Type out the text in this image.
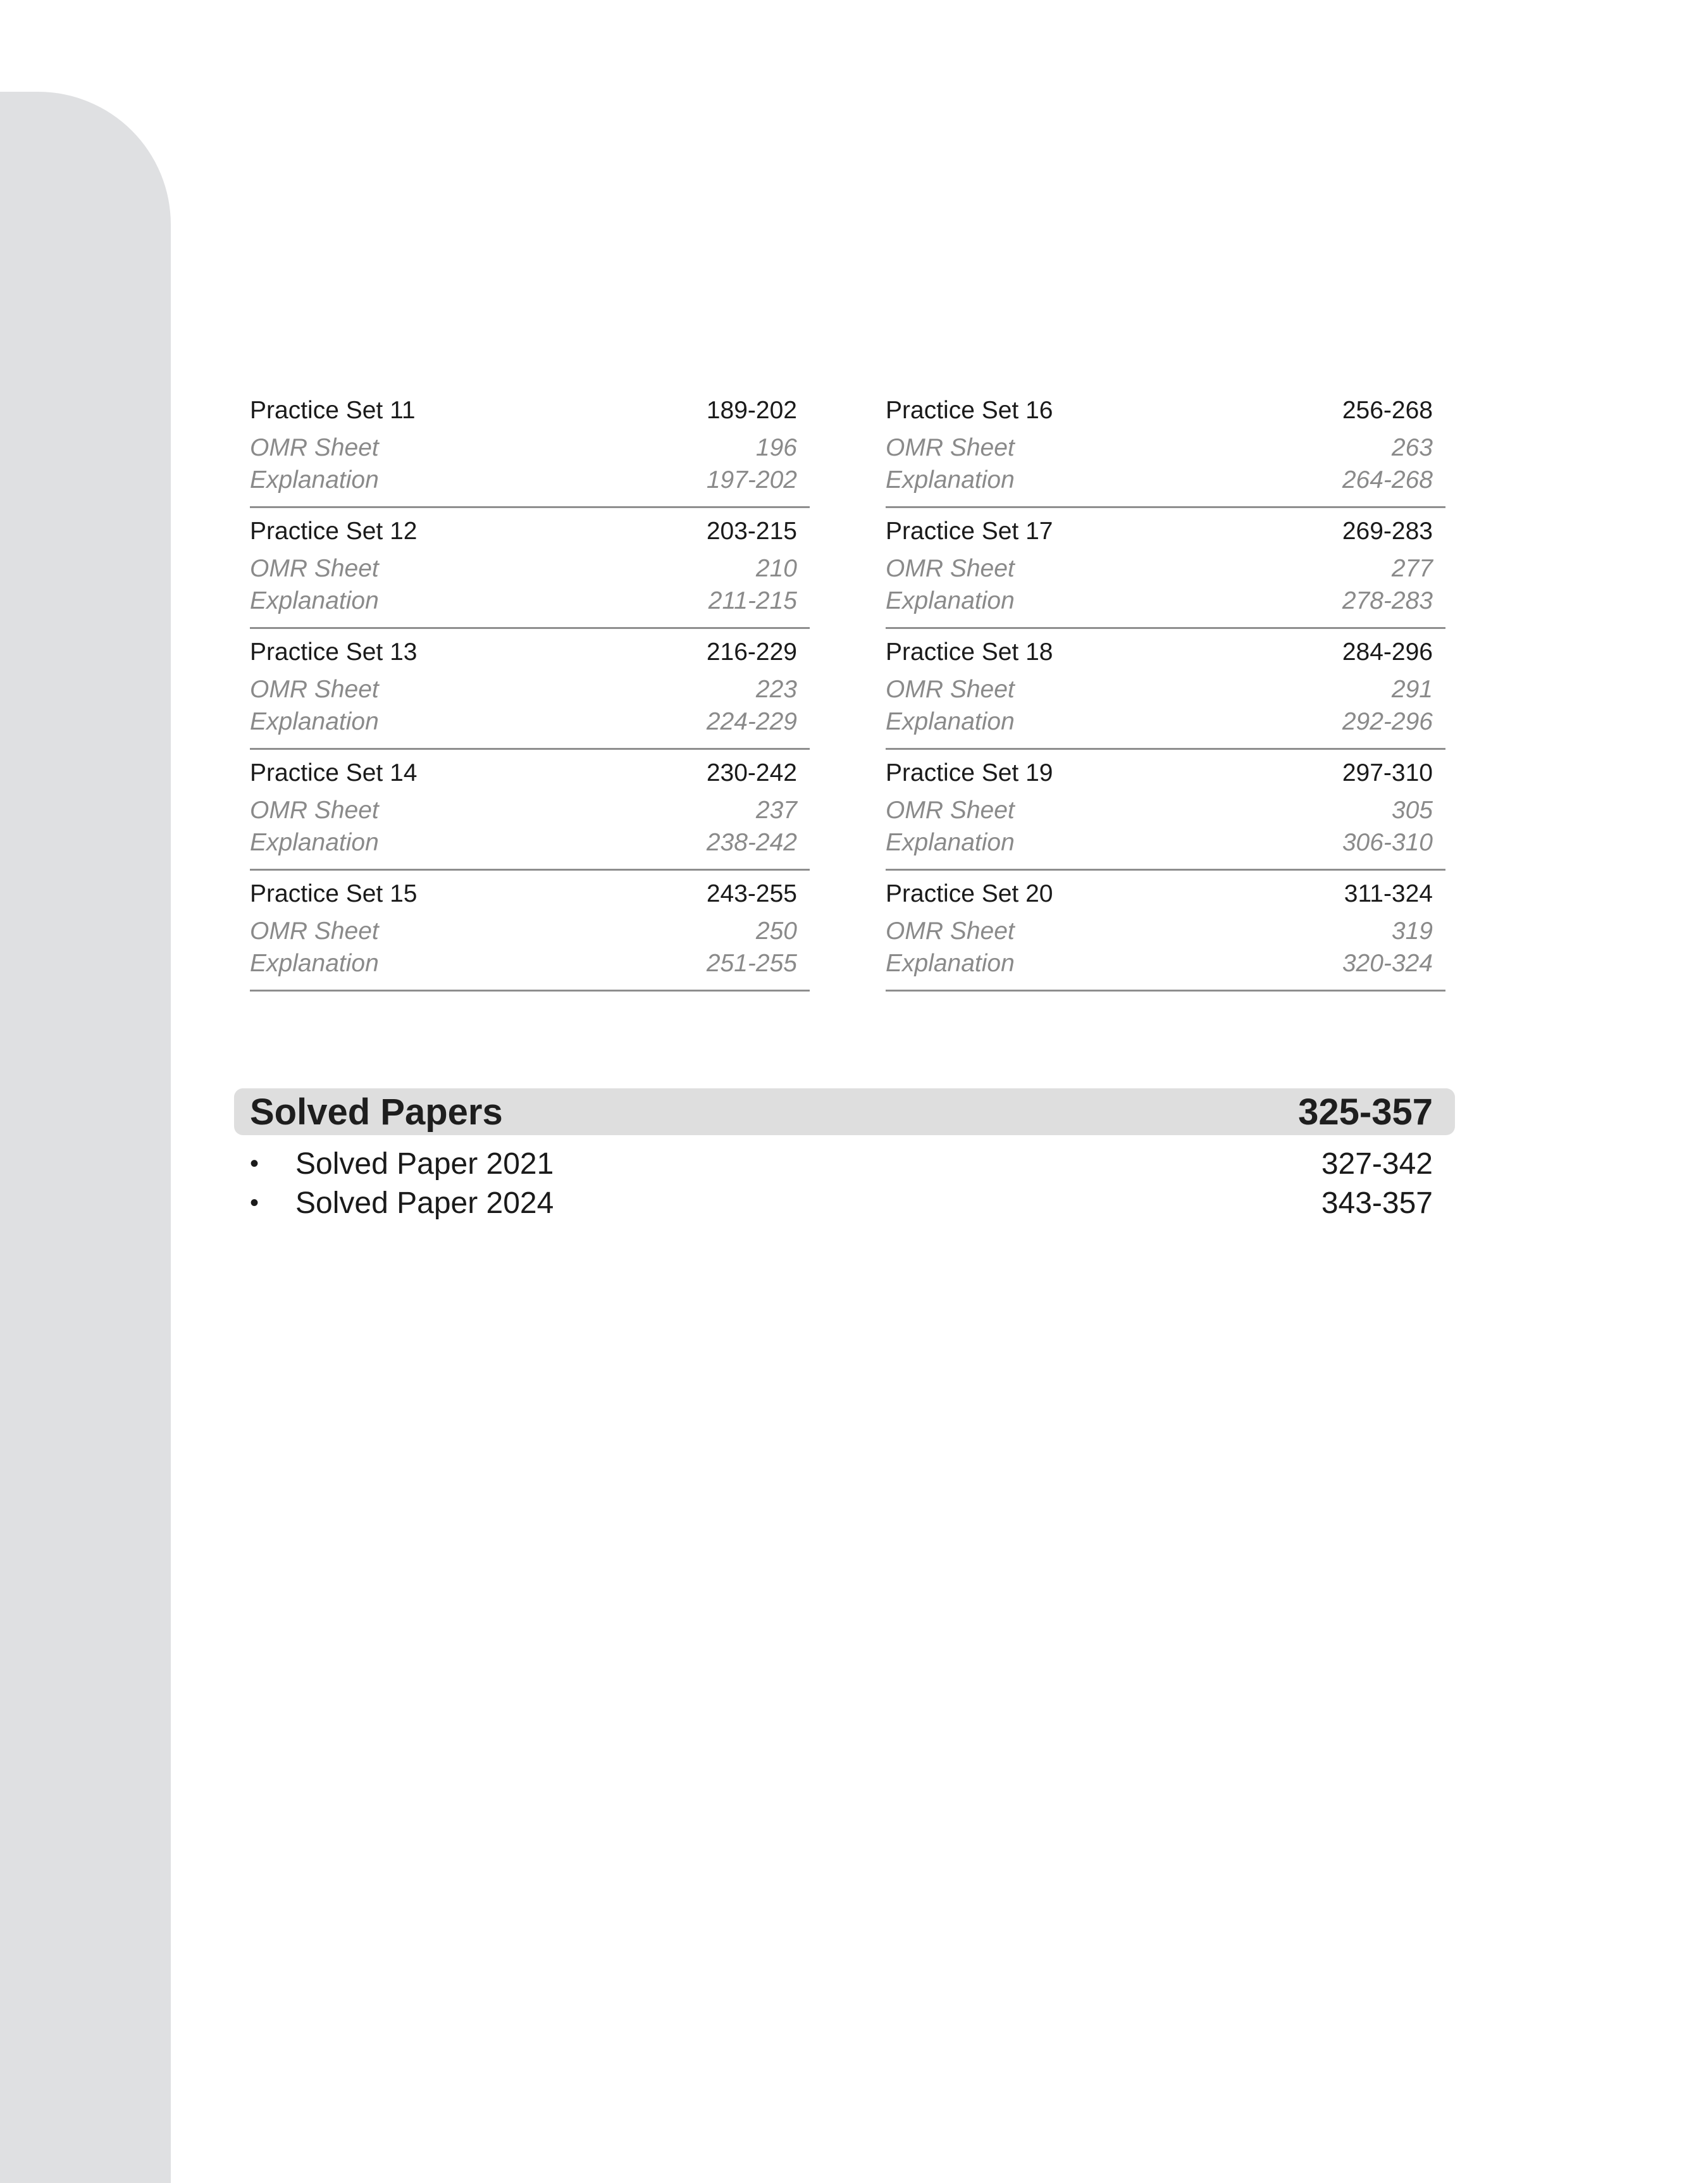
Practice Set 11	189-202
OMR Sheet	196
Explanation	197-202
Practice Set 12	203-215
OMR Sheet	210
Explanation	211-215
Practice Set 13	216-229
OMR Sheet	223
Explanation	224-229
Practice Set 14	230-242
OMR Sheet	237
Explanation	238-242
Practice Set 15	243-255
OMR Sheet	250
Explanation	251-255
Practice Set 16	256-268
OMR Sheet	263
Explanation	264-268
Practice Set 17	269-283
OMR Sheet	277
Explanation	278-283
Practice Set 18	284-296
OMR Sheet	291
Explanation	292-296
Practice Set 19	297-310
OMR Sheet	305
Explanation	306-310
Practice Set 20	311-324
OMR Sheet	319
Explanation	320-324
Solved Papers	325-357
•	Solved Paper 2021	327-342
•	Solved Paper 2024	343-357
